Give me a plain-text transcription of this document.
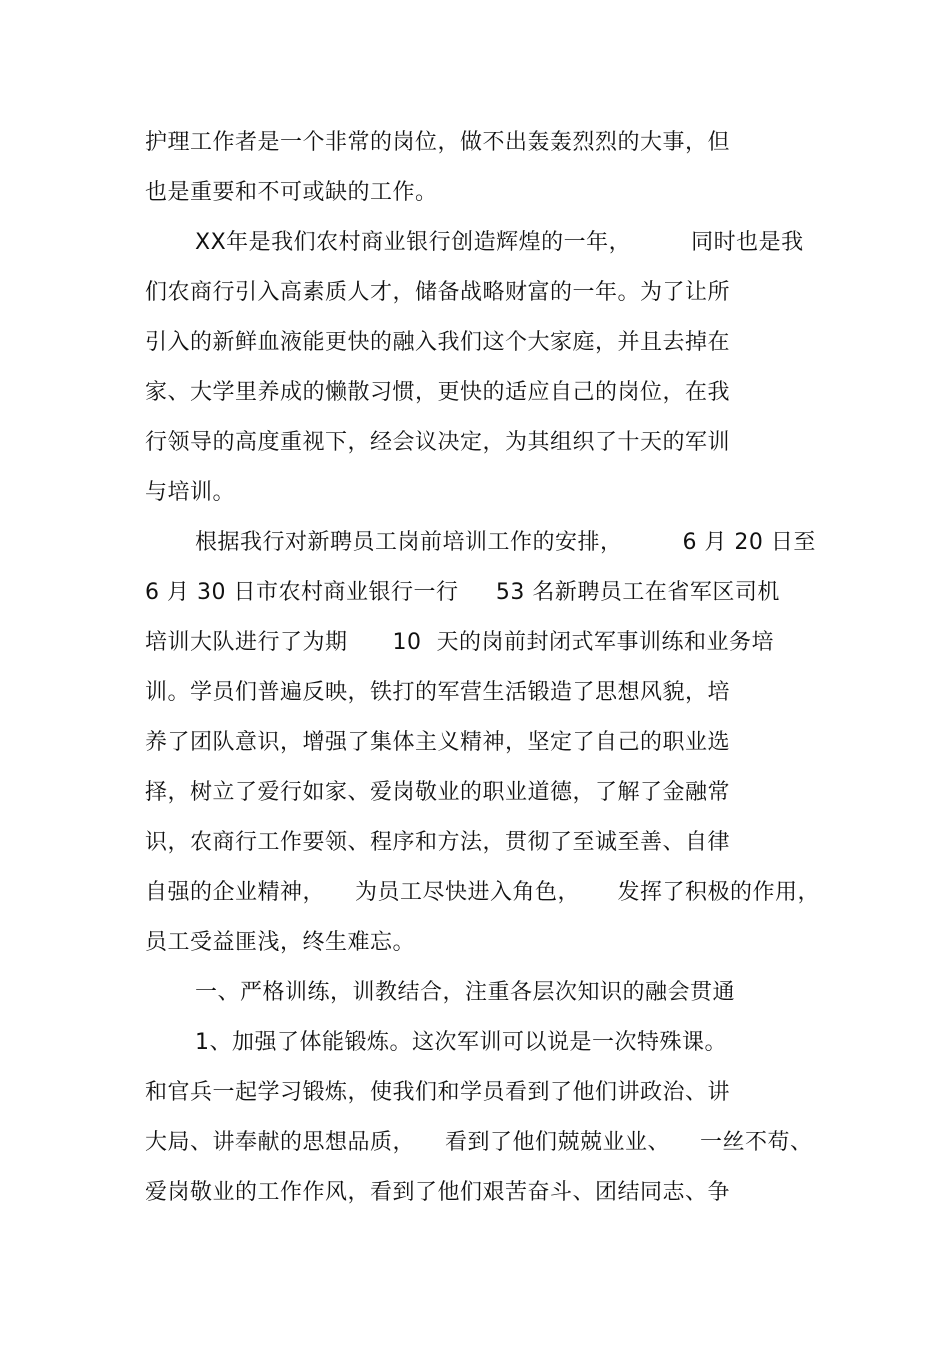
护理工作者是一个非常的岗位，做不出轰轰烈烈的大事，但
也是重要和不可或缺的工作。
XX年是我们农村商业银行创造辉煌的一年，        同时也是我
们农商行引入高素质人才，储备战略财富的一年。为了让所
引入的新鲜血液能更快的融入我们这个大家庭，并且去掉在
家、大学里养成的懒散习惯，更快的适应自己的岗位，在我
行领导的高度重视下，经会议决定，为其组织了十天的军训
与培训。
根据我行对新聘员工岗前培训工作的安排，        6 月 20 日至
6 月 30 日市农村商业银行一行     53 名新聘员工在省军区司机
培训大队进行了为期      10  天的岗前封闭式军事训练和业务培
训。学员们普遍反映，铁打的军营生活锻造了思想风貌，培
养了团队意识，增强了集体主义精神，坚定了自己的职业选
择，树立了爱行如家、爱岗敬业的职业道德，了解了金融常
识，农商行工作要领、程序和方法，贯彻了至诚至善、自律
自强的企业精神，    为员工尽快进入角色，     发挥了积极的作用，
员工受益匪浅，终生难忘。
一、严格训练，训教结合，注重各层次知识的融会贯通
1、加强了体能锻炼。这次军训可以说是一次特殊课。
和官兵一起学习锻炼，使我们和学员看到了他们讲政治、讲
大局、讲奉献的思想品质，    看到了他们兢兢业业、    一丝不苟、
爱岗敬业的工作作风，看到了他们艰苦奋斗、团结同志、争
